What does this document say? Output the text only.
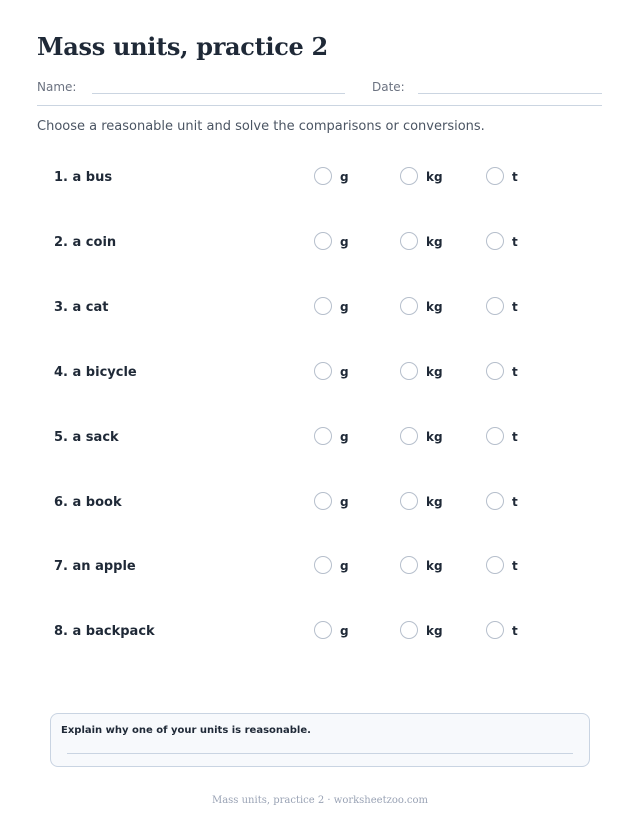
Mass units, practice 2
Name:	Date:
Choose a reasonable unit and solve the comparisons or conversions.
1. a bus	g	kg	t
2. a coin	g	kg	t
3. a cat	g	kg	t
4. a bicycle	g	kg	t
5. a sack	g	kg	t
6. a book	g	kg	t
7. an apple	g	kg	t
8. a backpack	g	kg	t
Explain why one of your units is reasonable.
Mass units, practice 2 · worksheetzoo.com
